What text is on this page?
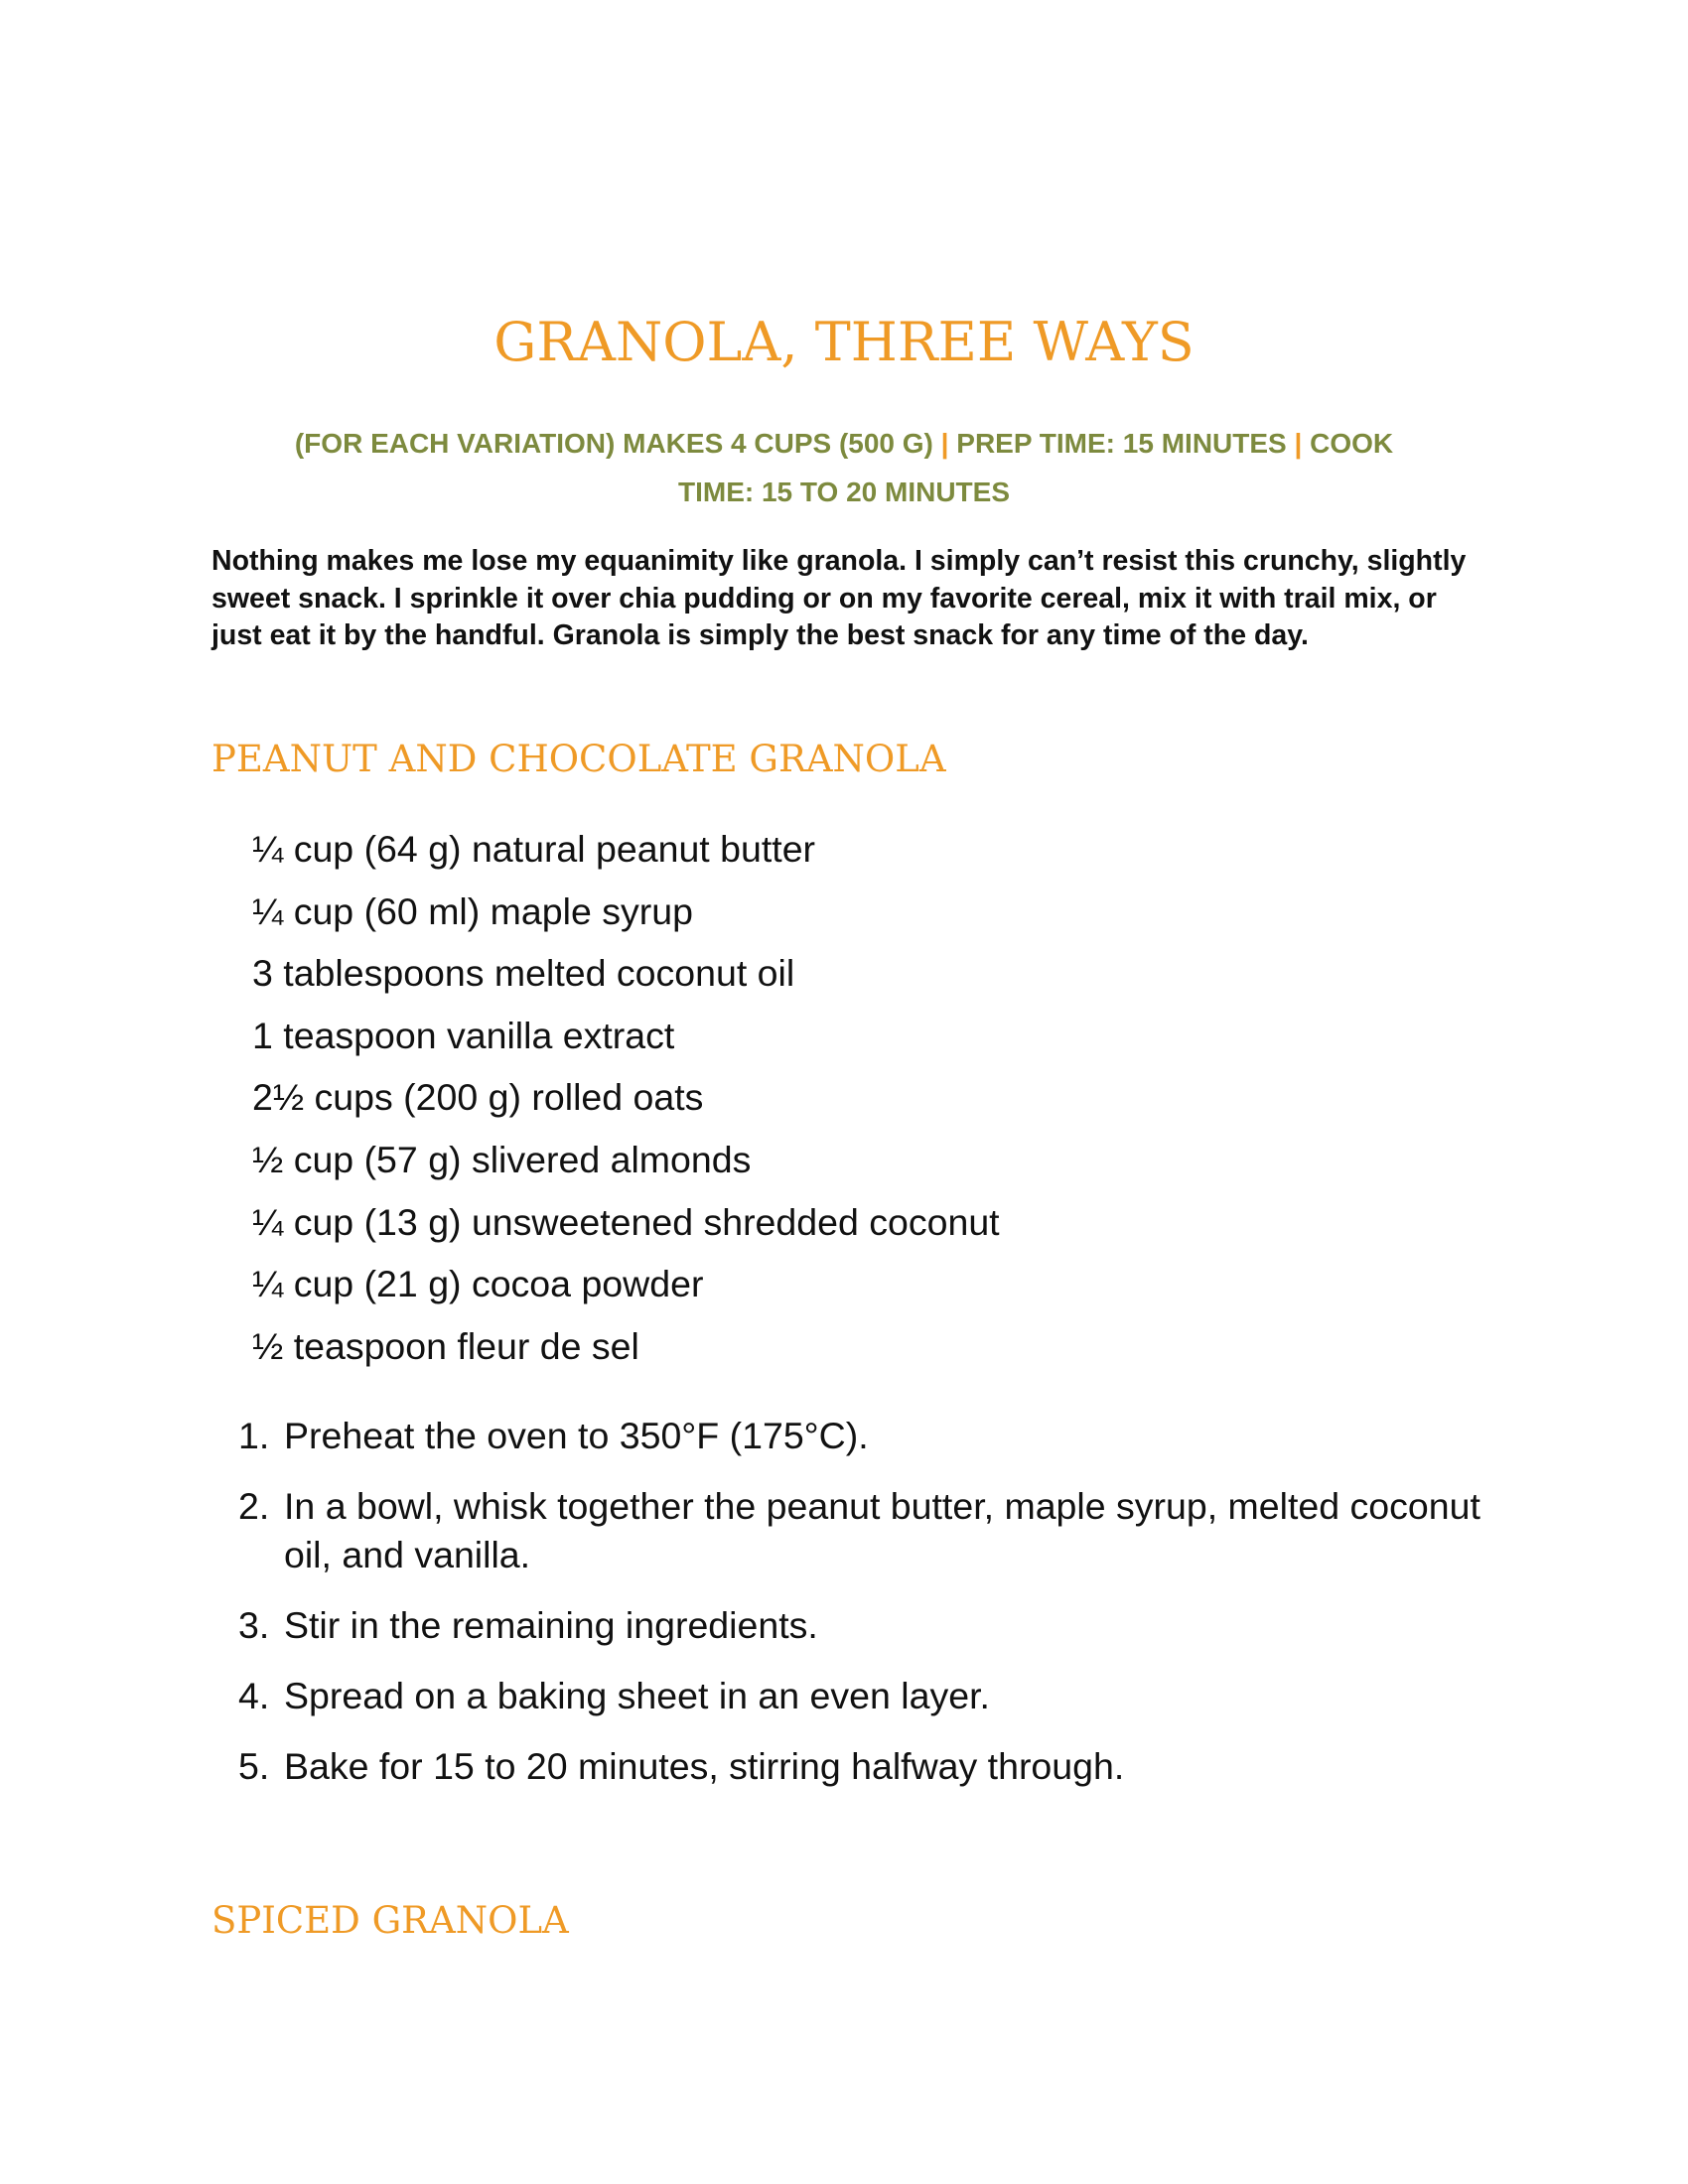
GRANOLA, THREE WAYS
(FOR EACH VARIATION) MAKES 4 CUPS (500 G) | PREP TIME: 15 MINUTES | COOK
TIME: 15 TO 20 MINUTES

Nothing makes me lose my equanimity like granola. I simply can’t resist this crunchy, slightly sweet snack. I sprinkle it over chia pudding or on my favorite cereal, mix it with trail mix, or just eat it by the handful. Granola is simply the best snack for any time of the day.

PEANUT AND CHOCOLATE GRANOLA
¼ cup (64 g) natural peanut butter
¼ cup (60 ml) maple syrup
3 tablespoons melted coconut oil
1 teaspoon vanilla extract
2½ cups (200 g) rolled oats
½ cup (57 g) slivered almonds
¼ cup (13 g) unsweetened shredded coconut
¼ cup (21 g) cocoa powder
½ teaspoon fleur de sel
1. Preheat the oven to 350°F (175°C).
2. In a bowl, whisk together the peanut butter, maple syrup, melted coconut oil, and vanilla.
3. Stir in the remaining ingredients.
4. Spread on a baking sheet in an even layer.
5. Bake for 15 to 20 minutes, stirring halfway through.
SPICED GRANOLA
